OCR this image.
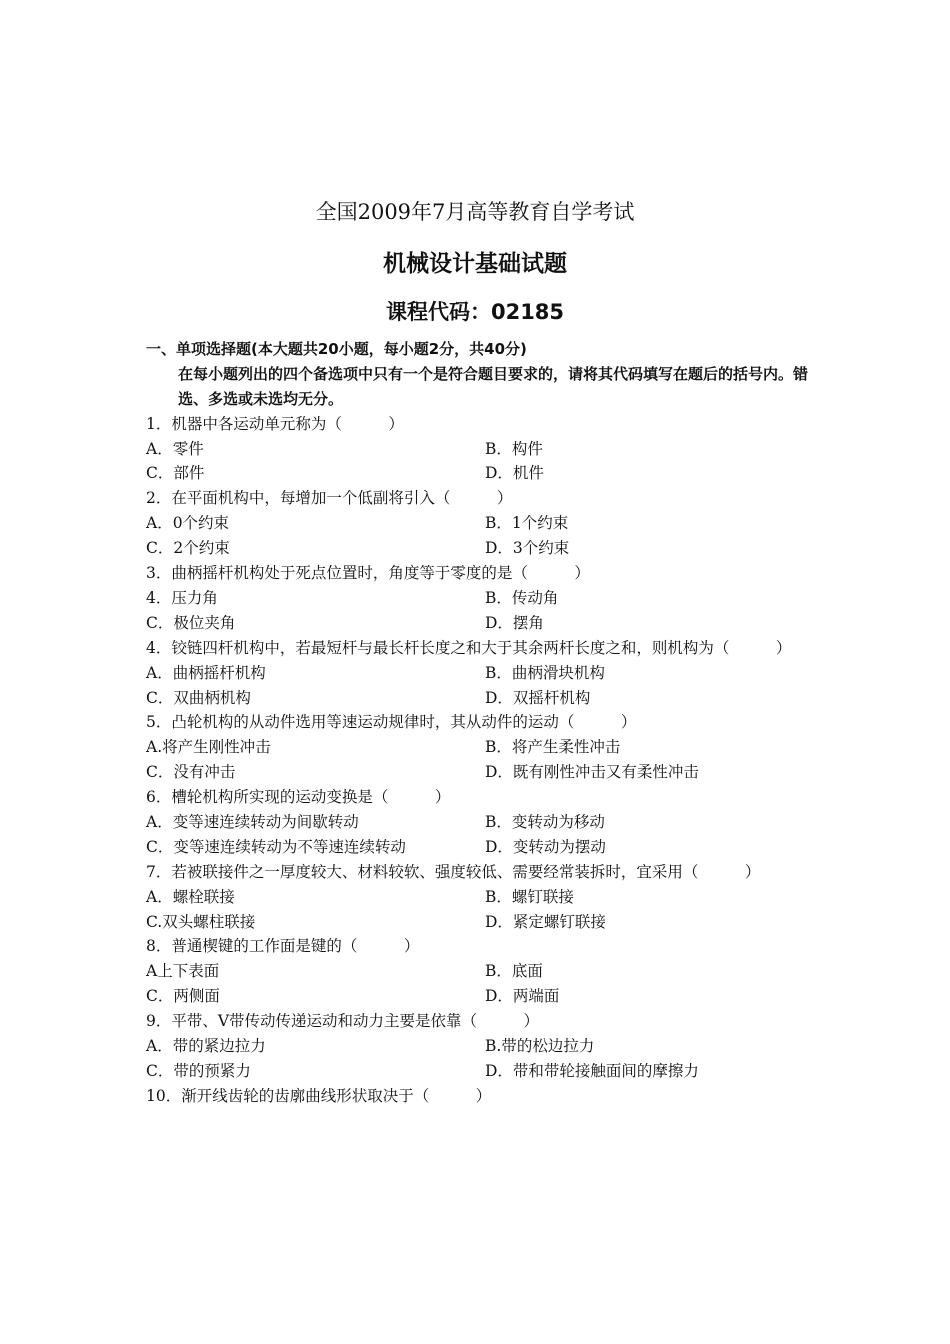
全国2009年7月高等教育自学考试
机械设计基础试题
课程代码：02185
一、单项选择题(本大题共20小题，每小题2分，共40分)
在每小题列出的四个备选项中只有一个是符合题目要求的，请将其代码填写在题后的括号内。错选、多选或未选均无分。
1．机器中各运动单元称为（　　　）
A．零件	B．构件
C．部件	D．机件
2．在平面机构中，每增加一个低副将引入（　　　）
A．0个约束	B．1个约束
C．2个约束	D．3个约束
3．曲柄摇杆机构处于死点位置时，角度等于零度的是（　　　）
4．压力角	B．传动角
C．极位夹角	D．摆角
4．铰链四杆机构中，若最短杆与最长杆长度之和大于其余两杆长度之和，则机构为（　　　）
A．曲柄摇杆机构	B．曲柄滑块机构
C．双曲柄机构	D．双摇杆机构
5．凸轮机构的从动件选用等速运动规律时，其从动件的运动（　　　）
A.将产生刚性冲击	B．将产生柔性冲击
C．没有冲击	D．既有刚性冲击又有柔性冲击
6．槽轮机构所实现的运动变换是（　　　）
A．变等速连续转动为间歇转动	B．变转动为移动
C．变等速连续转动为不等速连续转动	D．变转动为摆动
7．若被联接件之一厚度较大、材料较软、强度较低、需要经常装拆时，宜采用（　　　）
A．螺栓联接	B．螺钉联接
C.双头螺柱联接	D．紧定螺钉联接
8．普通楔键的工作面是键的（　　　）
A上下表面	B．底面
C．两侧面	D．两端面
9．平带、V带传动传递运动和动力主要是依靠（　　　）
A．带的紧边拉力	B.带的松边拉力
C．带的预紧力	D．带和带轮接触面间的摩擦力
10．渐开线齿轮的齿廓曲线形状取决于（　　　）
